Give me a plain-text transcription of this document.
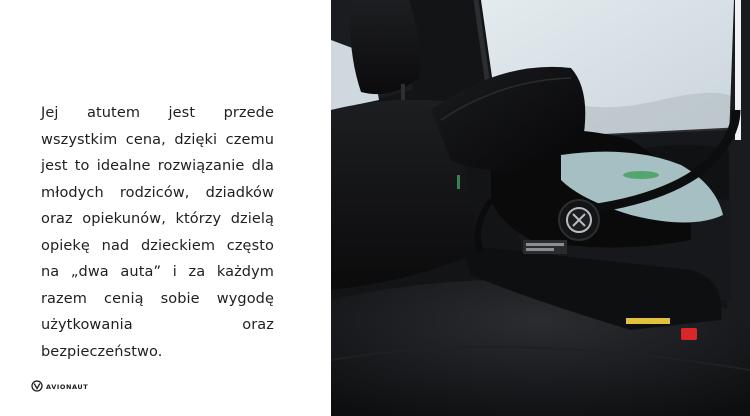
Jej atutem jest przede wszystkim cena, dzięki czemu jest to idealne rozwiązanie dla młodych rodziców, dziadków oraz opiekunów, którzy dzielą opiekę nad dzieckiem często na „dwa auta” i za każdym razem cenią sobie wygodę użytkowania oraz bezpieczeństwo.

AVIONAUT
